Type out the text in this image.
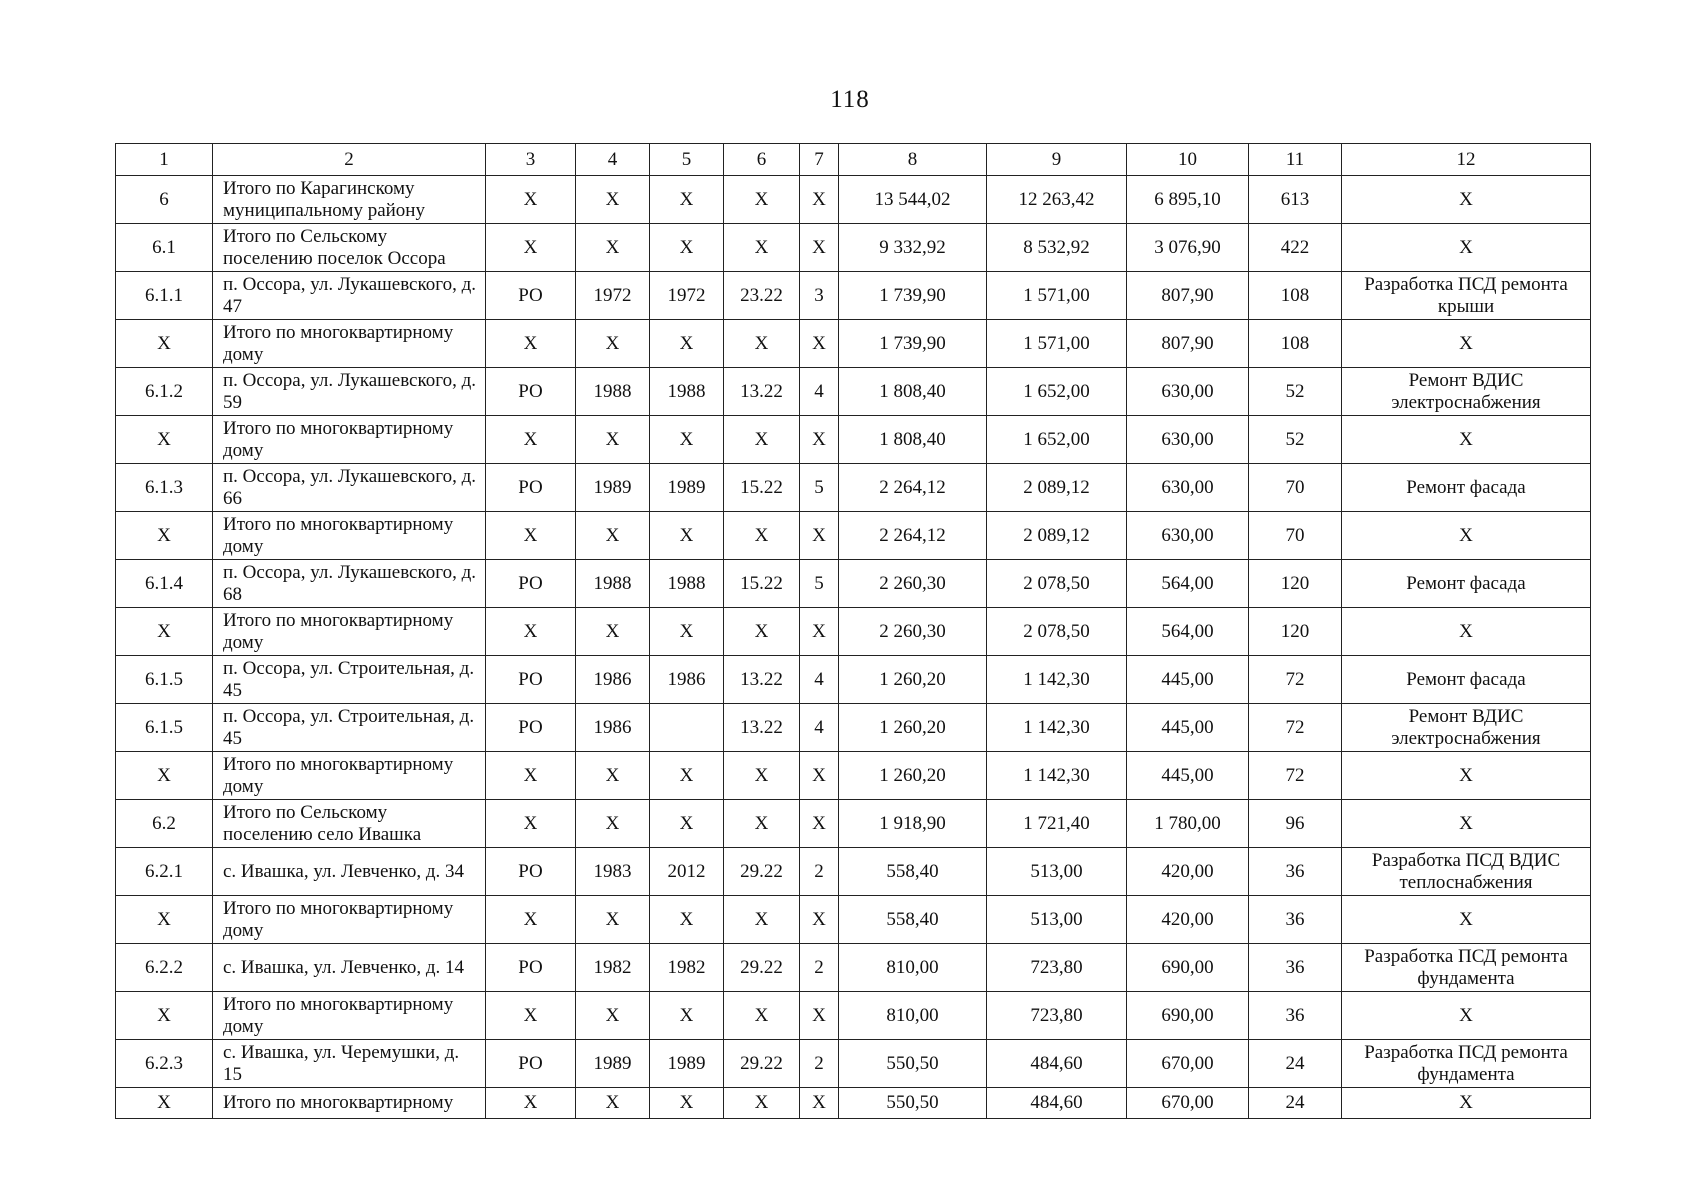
118
1	2	3	4	5	6	7	8	9	10	11	12
6	Итого по Карагинскому муниципальному району	X	X	X	X	X	13 544,02	12 263,42	6 895,10	613	X
6.1	Итого по Сельскому поселению поселок Оссора	X	X	X	X	X	9 332,92	8 532,92	3 076,90	422	X
6.1.1	п. Оссора, ул. Лукашевского, д. 47	РО	1972	1972	23.22	3	1 739,90	1 571,00	807,90	108	Разработка ПСД ремонта крыши
X	Итого по многоквартирному дому	X	X	X	X	X	1 739,90	1 571,00	807,90	108	X
6.1.2	п. Оссора, ул. Лукашевского, д. 59	РО	1988	1988	13.22	4	1 808,40	1 652,00	630,00	52	Ремонт ВДИС электроснабжения
X	Итого по многоквартирному дому	X	X	X	X	X	1 808,40	1 652,00	630,00	52	X
6.1.3	п. Оссора, ул. Лукашевского, д. 66	РО	1989	1989	15.22	5	2 264,12	2 089,12	630,00	70	Ремонт фасада
X	Итого по многоквартирному дому	X	X	X	X	X	2 264,12	2 089,12	630,00	70	X
6.1.4	п. Оссора, ул. Лукашевского, д. 68	РО	1988	1988	15.22	5	2 260,30	2 078,50	564,00	120	Ремонт фасада
X	Итого по многоквартирному дому	X	X	X	X	X	2 260,30	2 078,50	564,00	120	X
6.1.5	п. Оссора, ул. Строительная, д. 45	РО	1986	1986	13.22	4	1 260,20	1 142,30	445,00	72	Ремонт фасада
6.1.5	п. Оссора, ул. Строительная, д. 45	РО	1986		13.22	4	1 260,20	1 142,30	445,00	72	Ремонт ВДИС электроснабжения
X	Итого по многоквартирному дому	X	X	X	X	X	1 260,20	1 142,30	445,00	72	X
6.2	Итого по Сельскому поселению село Ивашка	X	X	X	X	X	1 918,90	1 721,40	1 780,00	96	X
6.2.1	с. Ивашка, ул. Левченко, д. 34	РО	1983	2012	29.22	2	558,40	513,00	420,00	36	Разработка ПСД ВДИС теплоснабжения
X	Итого по многоквартирному дому	X	X	X	X	X	558,40	513,00	420,00	36	X
6.2.2	с. Ивашка, ул. Левченко, д. 14	РО	1982	1982	29.22	2	810,00	723,80	690,00	36	Разработка ПСД ремонта фундамента
X	Итого по многоквартирному дому	X	X	X	X	X	810,00	723,80	690,00	36	X
6.2.3	с. Ивашка, ул. Черемушки, д. 15	РО	1989	1989	29.22	2	550,50	484,60	670,00	24	Разработка ПСД ремонта фундамента
X	Итого по многоквартирному	X	X	X	X	X	550,50	484,60	670,00	24	X
